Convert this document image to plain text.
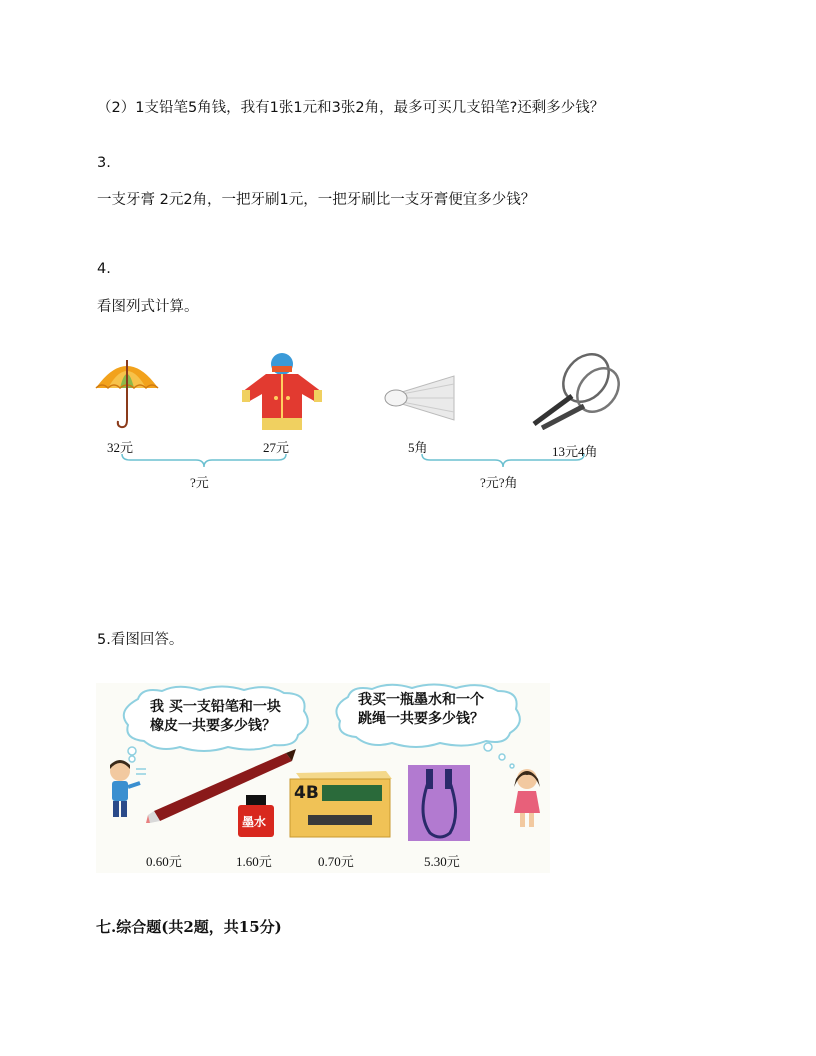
（2）1支铅笔5角钱，我有1张1元和3张2角，最多可买几支铅笔?还剩多少钱？
3.
一支牙膏 2元2角，一把牙刷1元，一把牙刷比一支牙膏便宜多少钱？
4.
看图列式计算。
32元	27元	5角	13元4角
?元	?元?角
5.看图回答。
我 买一支铅笔和一块
橡皮一共要多少钱？
我买一瓶墨水和一个
跳绳一共要多少钱？
墨水
4B
0.60元	1.60元	0.70元	5.30元
七.综合题(共2题，共15分)
